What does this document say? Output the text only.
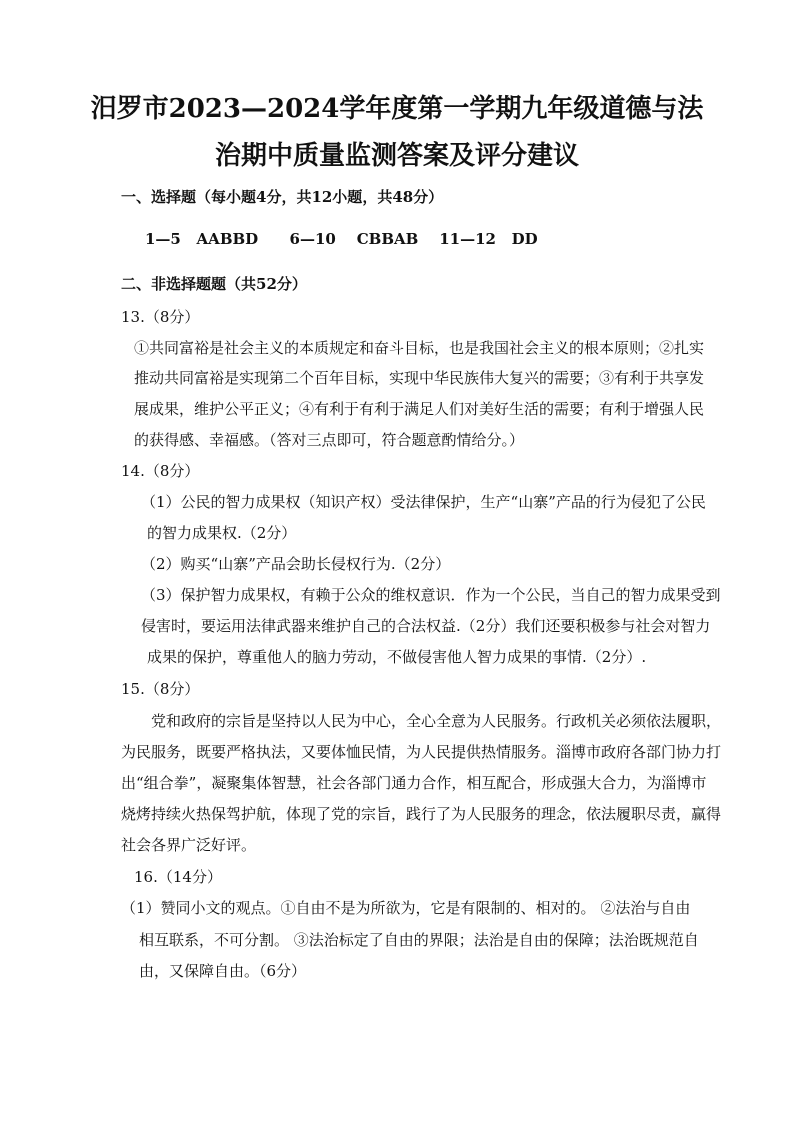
汨罗市2023—2024学年度第一学期九年级道德与法
治期中质量监测答案及评分建议
一、选择题（每小题4分，共12小题，共48分）
1—5   AABBD      6—10    CBBAB    11—12   DD
二、非选择题题（共52分）
13.（8分）
①共同富裕是社会主义的本质规定和奋斗目标，也是我国社会主义的根本原则；②扎实
推动共同富裕是实现第二个百年目标，实现中华民族伟大复兴的需要；③有利于共享发
展成果，维护公平正义；④有利于有利于满足人们对美好生活的需要；有利于增强人民
的获得感、幸福感。（答对三点即可，符合题意酌情给分。）
14.（8分）
（1）公民的智力成果权（知识产权）受法律保护，生产“山寨”产品的行为侵犯了公民
的智力成果权.（2分）
（2）购买“山寨”产品会助长侵权行为.（2分）
（3）保护智力成果权，有赖于公众的维权意识．作为一个公民，当自己的智力成果受到
侵害时，要运用法律武器来维护自己的合法权益.（2分）我们还要积极参与社会对智力
成果的保护，尊重他人的脑力劳动，不做侵害他人智力成果的事情.（2分）.
15.（8分）
党和政府的宗旨是坚持以人民为中心，全心全意为人民服务。行政机关必须依法履职，
为民服务，既要严格执法，又要体恤民情，为人民提供热情服务。淄博市政府各部门协力打
出“组合拳”，凝聚集体智慧，社会各部门通力合作，相互配合，形成强大合力，为淄博市
烧烤持续火热保驾护航，体现了党的宗旨，践行了为人民服务的理念，依法履职尽责，赢得
社会各界广泛好评。
16.（14分）
（1）赞同小文的观点。①自由不是为所欲为，它是有限制的、相对的。 ②法治与自由
相互联系，不可分割。 ③法治标定了自由的界限；法治是自由的保障；法治既规范自
由，又保障自由。（6分）
